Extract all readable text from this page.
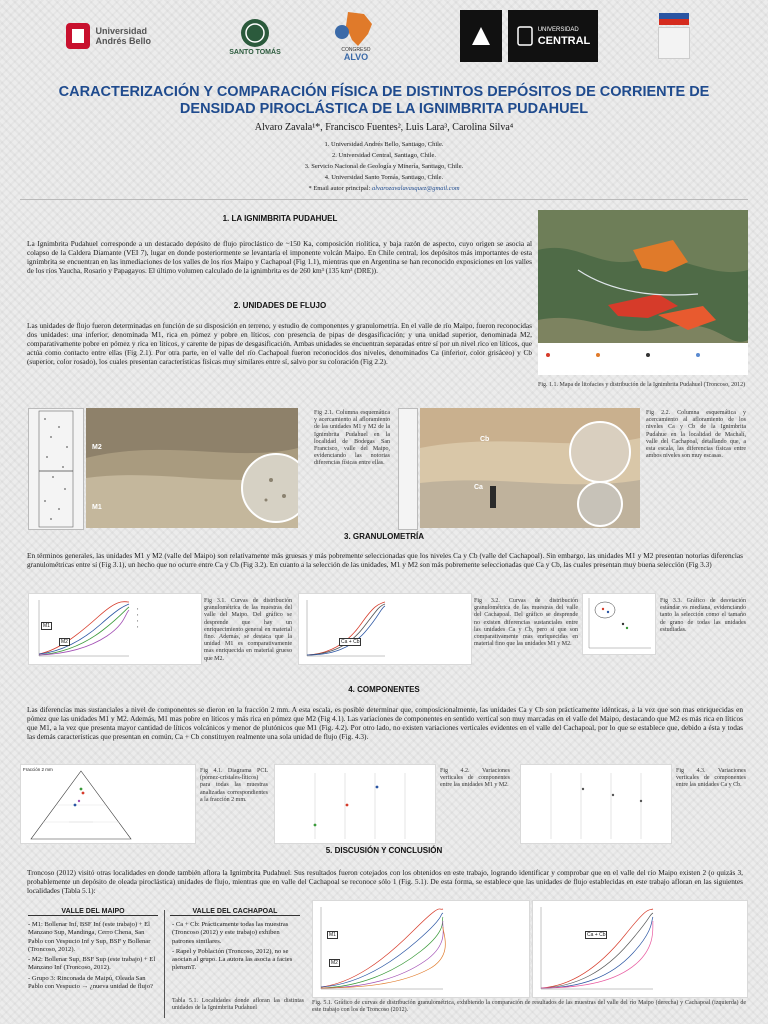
Universidad Andrés Bello
SANTO TOMÁS	CONGRESO
ALVO
UNIVERSIDAD
CENTRAL
CARACTERIZACIÓN Y COMPARACIÓN FÍSICA DE DISTINTOS DEPÓSITOS DE CORRIENTE DE DENSIDAD PIROCLÁSTICA DE LA IGNIMBRITA PUDAHUEL
Alvaro Zavala¹*, Francisco Fuentes², Luis Lara³, Carolina Silva⁴
1. Universidad Andrés Bello, Santiago, Chile.
2. Universidad Central, Santiago, Chile.
3. Servicio Nacional de Geología y Minería, Santiago, Chile.
4. Universidad Santo Tomás, Santiago, Chile.
* Email autor principal: alvarozavalavasquez@gmail.com
1. LA IGNIMBRITA PUDAHUEL

La Ignimbrita Pudahuel corresponde a un destacado depósito de flujo piroclástico de ~150 Ka, composición riolítica, y baja razón de aspecto, cuyo origen se asocia al colapso de la Caldera Diamante (VEI 7), lugar en donde posteriormente se levantaría el imponente volcán Maipo. En Chile central, los depósitos más importantes de esta ignimbrita se encuentran en las inmediaciones de los valles de los ríos Maipo y Cachapoal (Fig 1.1), mientras que en Argentina se han reconocido exposiciones en los valles de los ríos Yaucha, Rosario y Papagayos. El último volumen calculado de la ignimbrita es de 260 km³ (135 km³ (DRE)).

2. UNIDADES DE FLUJO

Las unidades de flujo fueron determinadas en función de su disposición en terreno, y estudio de componentes y granulometría. En el valle de río Maipo, fueron reconocidas dos unidades: una inferior, denominada M1, rica en pómez y pobre en líticos, con presencia de pipas de desgasificación; y una unidad superior, denominada M2, comparativamente pobre en pómez y rica en líticos, y carente de pipas de desgasificación. Ambas unidades se encuentran separadas entre sí por un nivel rico en líticos, que actúa como contacto entre ellas (Fig 2.1). Por otra parte, en el valle del río Cachapoal fueron reconocidos dos niveles, denominados Ca (inferior, color grisáceo) y Cb (superior, color rosado), los cuales presentan características físicas muy similares entre sí, salvo por su coloración (Fig 2.2).

Fig. 1.1. Mapa de litofacies y distribución de la Ignimbrita Pudahuel (Troncoso, 2012)

M2
M1

Fig 2.1. Columna esquemática y acercamiento al afloramiento de las unidades M1 y M2 de la Ignimbrita Pudahuel en la localidad de Bodegas San Francisco, valle del Maipo, evidenciando las notorias diferencias físicas entre ellas.

Cb
Ca

Fig 2.2. Columna esquemática y acercamiento al afloramiento de los niveles Ca y Cb de la Ignimbrita Pudahue en la localidad de Machalí, valle del Cachapoal, detallando que, a esta escala, las diferencias físicas entre ambos niveles son muy escasas.

3. GRANULOMETRÍA

En términos generales, las unidades M1 y M2 (valle del Maipo) son relativamente más gruesas y más pobremente seleccionadas que los niveles Ca y Cb (valle del Cachapoal). Sin embargo, las unidades M1 y M2 presentan notorias diferencias granulométricas entre sí (Fig 3.1), un hecho que no ocurre entre Ca y Cb (Fig 3.2). En cuanto a la selección de las unidades, M1 y M2 son más pobremente seleccionadas que Ca y Cb, las cuales presentan muy buena selección (Fig 3.3)

▪
▪
▪
▪
M1
M2

Fig 3.1. Curvas de distribución granulométrica de las muestras del valle del Maipo. Del gráfico se desprende que hay un enriquecimiento general en material fino. Además, se destaca que la unidad M1 es comparativamente mas enriquecida en material grueso que M2.

Ca + Cb

Fig 3.2. Curvas de distribución granulométrica de las muestras del valle del Cachapoal. Del gráfico se desprende no existen diferencias sustanciales entre las unidades Ca y Cb, pero si que son comparativamente mas enriquecidas en material fino que las unidades M1 y M2.

Fig 3.3. Gráfico de desviación estándar vs mediana, evidenciando tanto la selección como el tamaño de grano de todas las unidades estudiadas.

4. COMPONENTES

Las diferencias mas sustanciales a nivel de componentes se dieron en la fracción 2 mm. A esta escala, es posible determinar que, composicionalmente, las unidades Ca y Cb son prácticamente idénticas, a la vez que son mas enriquecidas en pómez que las unidades M1 y M2. Además, M1 mas pobre en líticos y más rica en pómez que M2 (Fig 4.1). Las variaciones de componentes en sentido vertical son muy marcadas en el valle del Maipo, destacando que M2 es más rica en líticos que M1, a la vez que presenta mayor cantidad de líticos volcánicos y menor de plutónicos que M1 (Fig. 4.2). Por otro lado, no existen variaciones verticales evidentes en el valle del Cachapoal, por lo que se establece que, debido a ésta y todas las demás características que presentan en común, Ca + Cb constituyen realmente una sola unidad de flujo (Fig. 4.3).

Fracción 2 mm	Fig 4.1. Diagrama PCL (pómez-cristales-líticos) para todas las muestras analizadas correspondientes a la fracción 2 mm.

Fig 4.2. Variaciones verticales de componentes entre las unidades M1 y M2.

Fig 4.3. Variaciones verticales de componentes entre las unidades Ca y Cb.

5. DISCUSIÓN Y CONCLUSIÓN

Troncoso (2012) visitó otras localidades en donde también aflora la Ignimbrita Pudahuel. Sus resultados fueron cotejados con los obtenidos en este trabajo, logrando identificar y comprobar que en el valle del río Maipo existen 2 (o quizás 3, probablemente un depósito de oleada piroclástica) unidades de flujo, mientras que en valle del Cachapoal se reconoce sólo 1 (Fig. 5.1). De esta forma, se establece que las unidades de flujo establecidas en este trabajo afloran en las siguientes localidades (Tabla 5.1):

VALLE DEL MAIPO	VALLE DEL CACHAPOAL
- M1: Bollenar Inf, BSF Inf (este trabajo) + El Manzano Sup, Mandinga, Cerro Chena, San Pablo con Vespucio Inf y Sup, BSF y Bollenar (Troncoso, 2012).
- M2: Bollenar Sup, BSF Sup (este trabajo) + El Manzano Inf (Troncoso, 2012).
- Grupo 3: Rinconada de Maipú, Oleada San Pablo con Vespucio → ¿nueva unidad de flujo?
- Ca + Cb: Prácticamente todas las muestras (Troncoso (2012) y este trabajo) exhiben patrones similares.
- Rapel y Población (Troncoso, 2012), no se asocian al grupo. La autora las asocia a facies plensmT.

Tabla 5.1. Localidades donde afloran las distintas unidades de la Ignimbrita Pudahuel

M1
M2
Ca + Cb

Fig. 5.1. Gráfico de curvas de distribución granulométrica, exhibiendo la comparación de resultados de las muestras del valle del río Maipo (derecha) y Cachapoal (izquierda) de este trabajo con los de Troncoso (2012).
